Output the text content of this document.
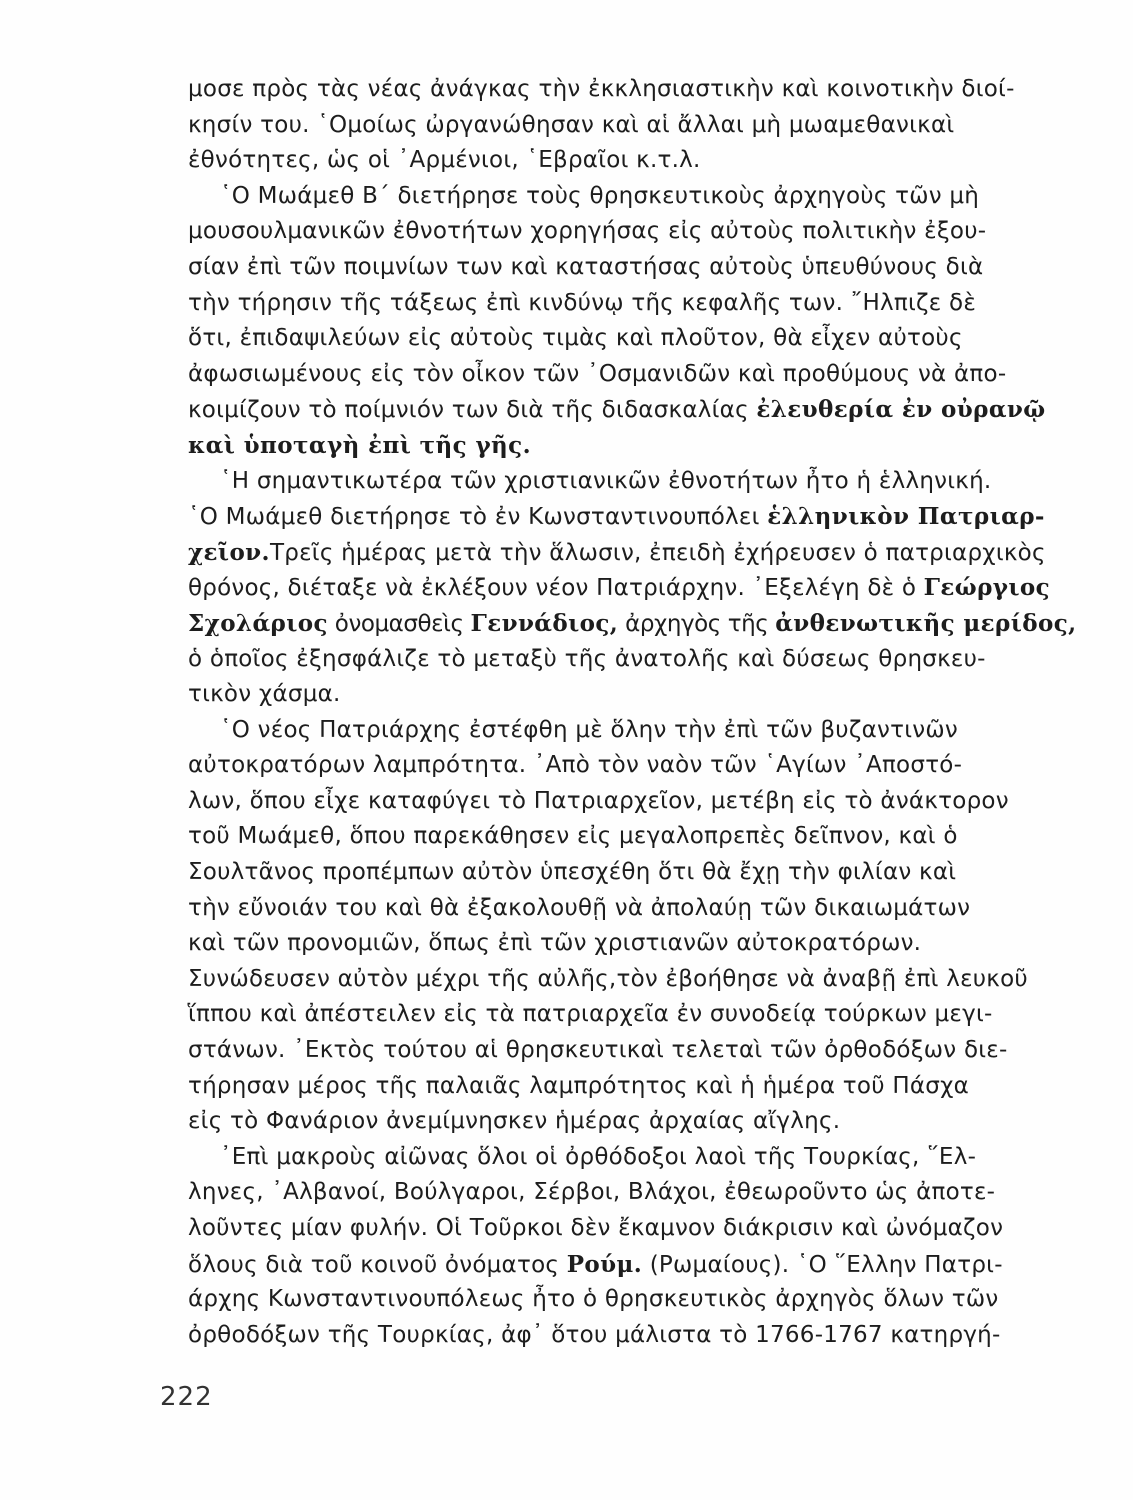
μοσε πρὸς τὰς νέας ἀνάγκας τὴν ἐκκλησιαστικὴν καὶ κοινοτικὴν διοί-
κησίν του. ῾Ομοίως ὠργανώθησαν καὶ αἱ ἄλλαι μὴ μωαμεθανικαὶ
ἐθνότητες, ὡς οἱ ᾽Αρμένιοι, ῾Εβραῖοι κ.τ.λ.
῾Ο Μωάμεθ Β΄ διετήρησε τοὺς θρησκευτικοὺς ἀρχηγοὺς τῶν μὴ
μουσουλμανικῶν ἐθνοτήτων χορηγήσας εἰς αὐτοὺς πολιτικὴν ἐξου-
σίαν ἐπὶ τῶν ποιμνίων των καὶ καταστήσας αὐτοὺς ὑπευθύνους διὰ
τὴν τήρησιν τῆς τάξεως ἐπὶ κινδύνῳ τῆς κεφαλῆς των. ῎Ηλπιζε δὲ
ὅτι, ἐπιδαψιλεύων εἰς αὐτοὺς τιμὰς καὶ πλοῦτον, θὰ εἶχεν αὐτοὺς
ἀφωσιωμένους εἰς τὸν οἶκον τῶν ᾽Οσμανιδῶν καὶ προθύμους νὰ ἀπο-
κοιμίζουν τὸ ποίμνιόν των διὰ τῆς διδασκαλίας ἐλευθερία ἐν οὐρανῷ
καὶ ὑποταγὴ ἐπὶ τῆς γῆς.
῾Η σημαντικωτέρα τῶν χριστιανικῶν ἐθνοτήτων ἦτο ἡ ἑλληνική.
῾Ο Μωάμεθ διετήρησε τὸ ἐν Κωνσταντινουπόλει ἑλληνικὸν Πατριαρ-
χεῖον.Τρεῖς ἡμέρας μετὰ τὴν ἅλωσιν, ἐπειδὴ ἐχήρευσεν ὁ πατριαρχικὸς
θρόνος, διέταξε νὰ ἐκλέξουν νέον Πατριάρχην. ᾽Εξελέγη δὲ ὁ Γεώργιος
Σχολάριος ὀνομασθεὶς Γεννάδιος, ἀρχηγὸς τῆς ἀνθενωτικῆς μερίδος,
ὁ ὁποῖος ἐξησφάλιζε τὸ μεταξὺ τῆς ἀνατολῆς καὶ δύσεως θρησκευ-
τικὸν χάσμα.
῾Ο νέος Πατριάρχης ἐστέφθη μὲ ὅλην τὴν ἐπὶ τῶν βυζαντινῶν
αὐτοκρατόρων λαμπρότητα. ᾽Απὸ τὸν ναὸν τῶν ῾Αγίων ᾽Αποστό-
λων, ὅπου εἶχε καταφύγει τὸ Πατριαρχεῖον, μετέβη εἰς τὸ ἀνάκτορον
τοῦ Μωάμεθ, ὅπου παρεκάθησεν εἰς μεγαλοπρεπὲς δεῖπνον, καὶ ὁ
Σουλτᾶνος προπέμπων αὐτὸν ὑπεσχέθη ὅτι θὰ ἔχῃ τὴν φιλίαν καὶ
τὴν εὔνοιάν του καὶ θὰ ἐξακολουθῇ νὰ ἀπολαύῃ τῶν δικαιωμάτων
καὶ τῶν προνομιῶν, ὅπως ἐπὶ τῶν χριστιανῶν αὐτοκρατόρων.
Συνώδευσεν αὐτὸν μέχρι τῆς αὐλῆς,τὸν ἐβοήθησε νὰ ἀναβῇ ἐπὶ λευκοῦ
ἵππου καὶ ἀπέστειλεν εἰς τὰ πατριαρχεῖα ἐν συνοδείᾳ τούρκων μεγι-
στάνων. ᾽Εκτὸς τούτου αἱ θρησκευτικαὶ τελεταὶ τῶν ὀρθοδόξων διε-
τήρησαν μέρος τῆς παλαιᾶς λαμπρότητος καὶ ἡ ἡμέρα τοῦ Πάσχα
εἰς τὸ Φανάριον ἀνεμίμνησκεν ἡμέρας ἀρχαίας αἴγλης.
᾽Επὶ μακροὺς αἰῶνας ὅλοι οἱ ὀρθόδοξοι λαοὶ τῆς Τουρκίας, ῞Ελ-
ληνες, ᾽Αλβανοί, Βούλγαροι, Σέρβοι, Βλάχοι, ἐθεωροῦντο ὡς ἀποτε-
λοῦντες μίαν φυλήν. Οἱ Τοῦρκοι δὲν ἔκαμνον διάκρισιν καὶ ὠνόμαζον
ὅλους διὰ τοῦ κοινοῦ ὀνόματος Ρούμ. (Ρωμαίους). ῾Ο ῞Ελλην Πατρι-
άρχης Κωνσταντινουπόλεως ἦτο ὁ θρησκευτικὸς ἀρχηγὸς ὅλων τῶν
ὀρθοδόξων τῆς Τουρκίας, ἀφ᾽ ὅτου μάλιστα τὸ 1766-1767 κατηργή-
222
